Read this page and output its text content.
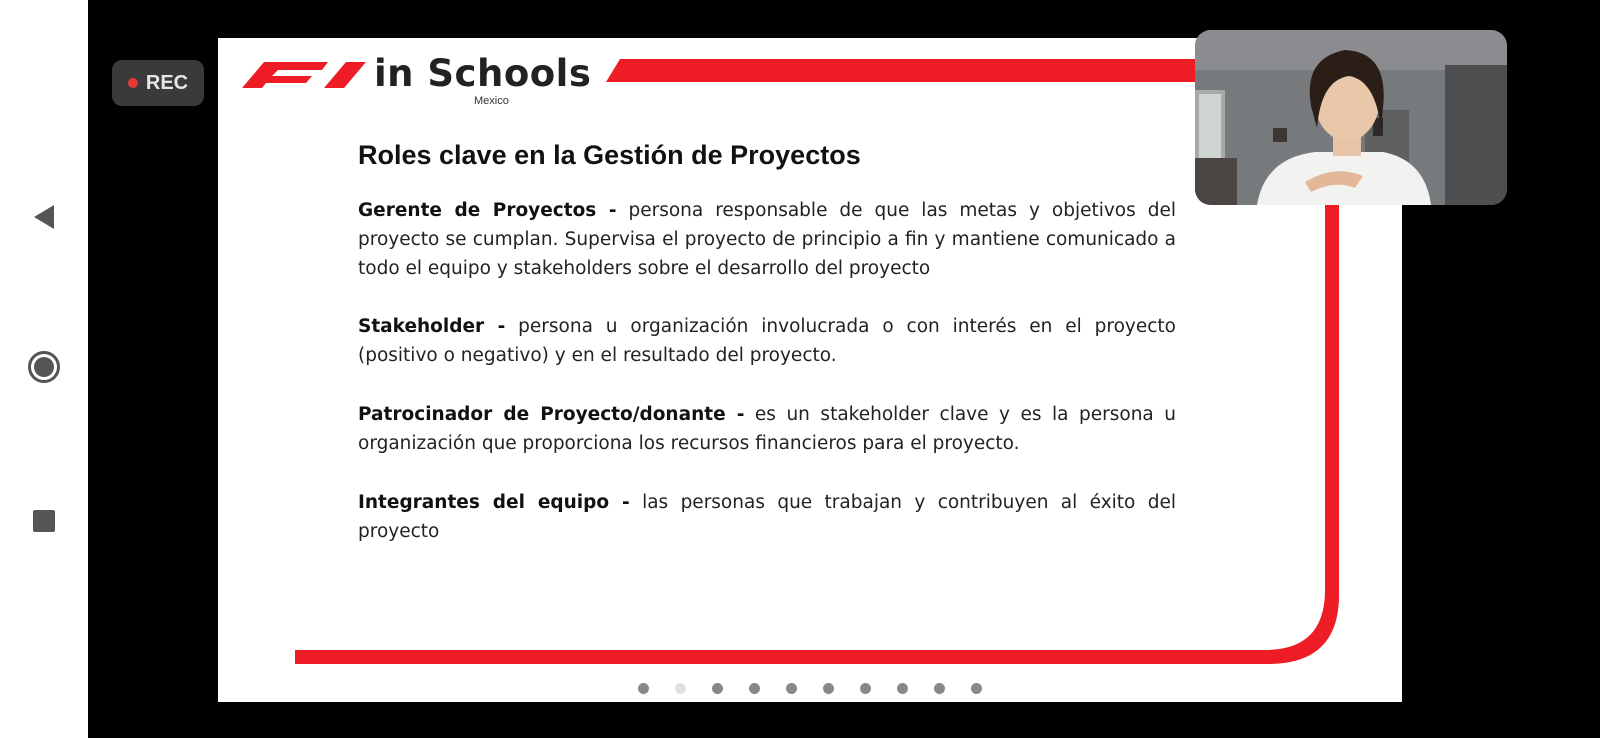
REC	in Schools
Mexico
Roles clave en la Gestión de Proyectos

Gerente de Proyectos - persona responsable de que las metas y objetivos del proyecto se cumplan. Supervisa el proyecto de principio a fin y mantiene comunicado a todo el equipo y stakeholders sobre el desarrollo del proyecto

Stakeholder - persona u organización involucrada o con interés en el proyecto (positivo o negativo) y en el resultado del proyecto.

Patrocinador de Proyecto/donante - es un stakeholder clave y es la persona u organización que proporciona los recursos financieros para el proyecto.

Integrantes del equipo - las personas que trabajan y contribuyen al éxito del proyecto
